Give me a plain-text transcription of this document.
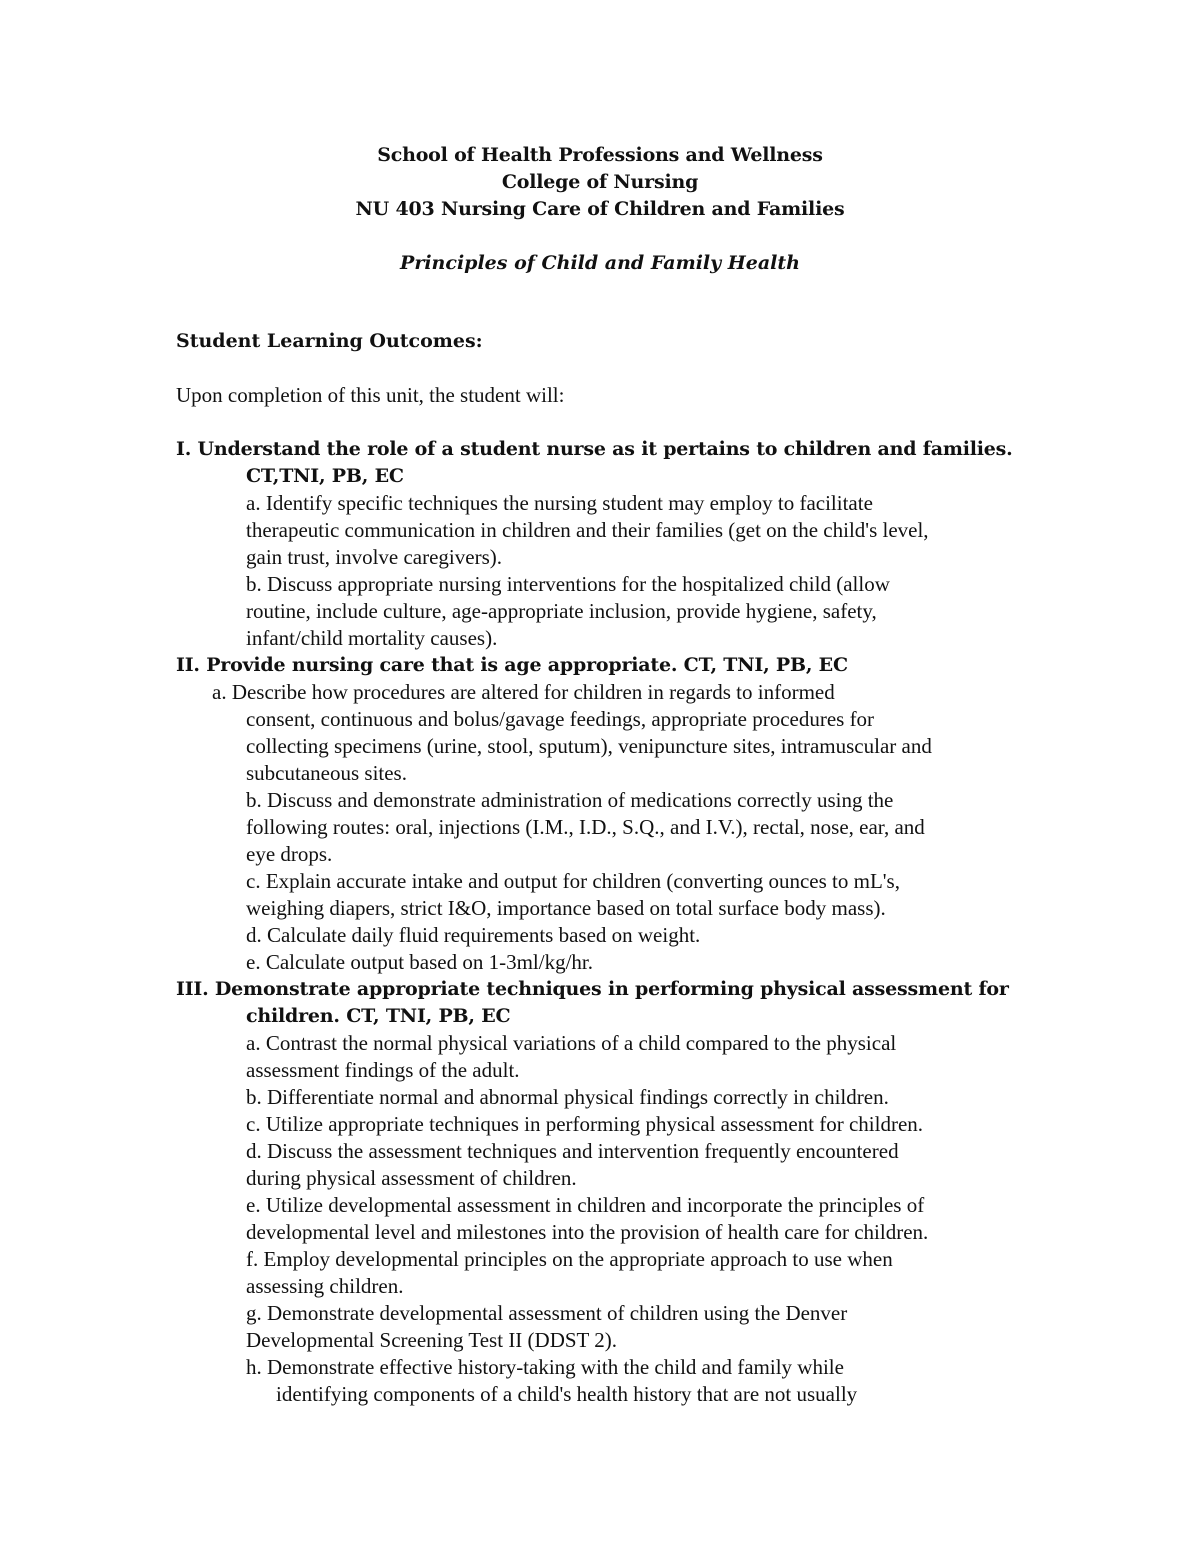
School of Health Professions and Wellness
College of Nursing
NU 403 Nursing Care of Children and Families
Principles of Child and Family Health
Student Learning Outcomes:
Upon completion of this unit, the student will:
I. Understand the role of a student nurse as it pertains to children and families.
CT,TNI, PB, EC
a. Identify specific techniques the nursing student may employ to facilitate
therapeutic communication in children and their families (get on the child's level,
gain trust, involve caregivers).
b. Discuss appropriate nursing interventions for the hospitalized child (allow
routine, include culture, age-appropriate inclusion, provide hygiene, safety,
infant/child mortality causes).
II. Provide nursing care that is age appropriate. CT, TNI, PB, EC
a. Describe how procedures are altered for children in regards to informed
consent, continuous and bolus/gavage feedings, appropriate procedures for
collecting specimens (urine, stool, sputum), venipuncture sites, intramuscular and
subcutaneous sites.
b. Discuss and demonstrate administration of medications correctly using the
following routes: oral, injections (I.M., I.D., S.Q., and I.V.), rectal, nose, ear, and
eye drops.
c. Explain accurate intake and output for children (converting ounces to mL's,
weighing diapers, strict I&O, importance based on total surface body mass).
d. Calculate daily fluid requirements based on weight.
e. Calculate output based on 1-3ml/kg/hr.
III. Demonstrate appropriate techniques in performing physical assessment for
children. CT, TNI, PB, EC
a. Contrast the normal physical variations of a child compared to the physical
assessment findings of the adult.
b. Differentiate normal and abnormal physical findings correctly in children.
c. Utilize appropriate techniques in performing physical assessment for children.
d. Discuss the assessment techniques and intervention frequently encountered
during physical assessment of children.
e. Utilize developmental assessment in children and incorporate the principles of
developmental level and milestones into the provision of health care for children.
f. Employ developmental principles on the appropriate approach to use when
assessing children.
g. Demonstrate developmental assessment of children using the Denver
Developmental Screening Test II (DDST 2).
h. Demonstrate effective history-taking with the child and family while
identifying components of a child's health history that are not usually
